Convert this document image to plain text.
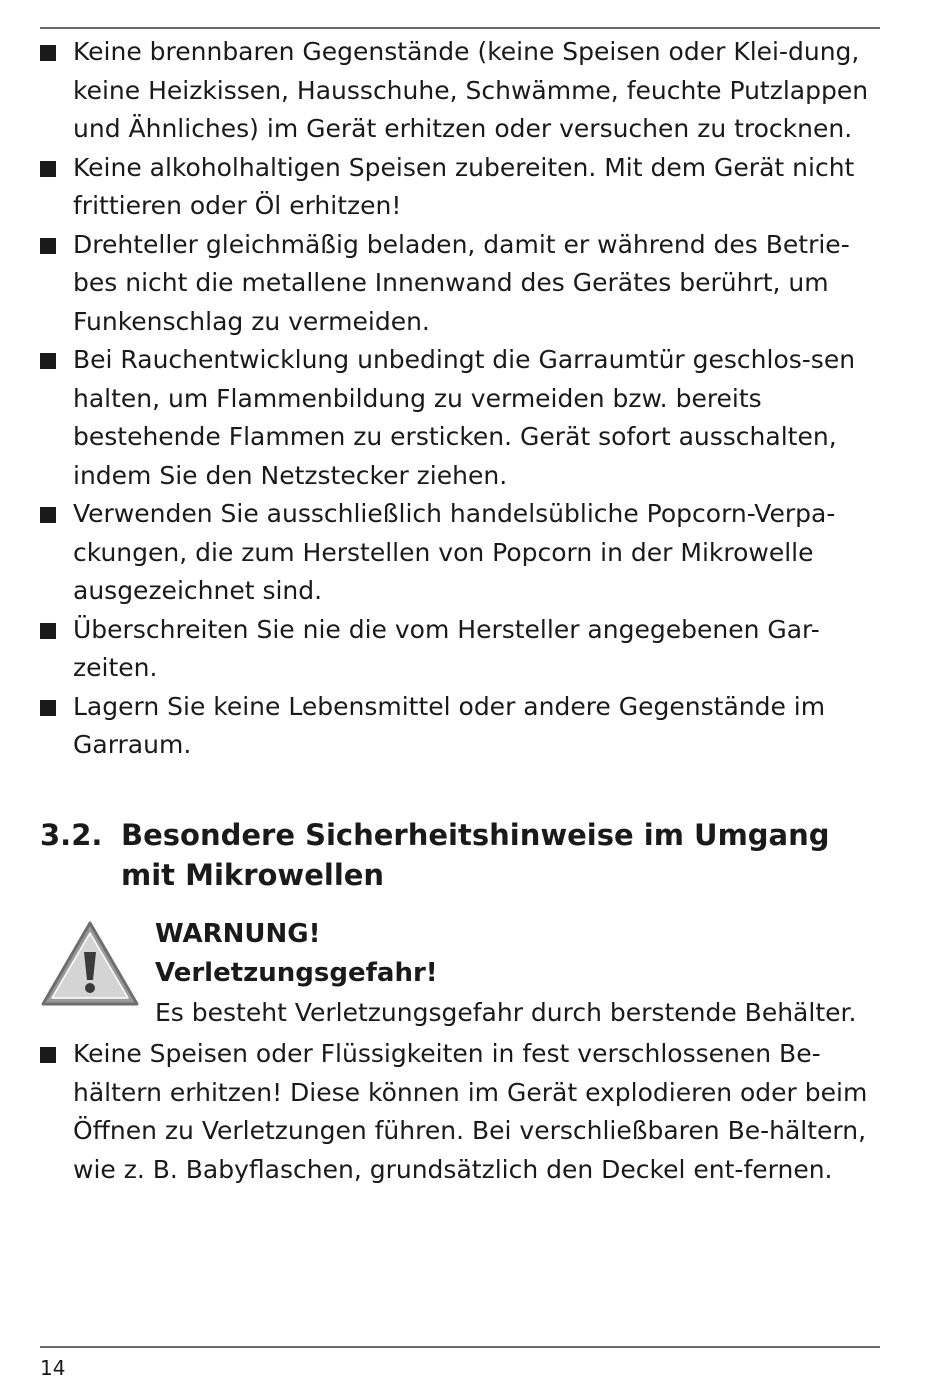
Keine brennbaren Gegenstände (keine Speisen oder Klei-dung, keine Heizkissen, Hausschuhe, Schwämme, feuchte Putzlappen und Ähnliches) im Gerät erhitzen oder versuchen zu trocknen.
Keine alkoholhaltigen Speisen zubereiten. Mit dem Gerät nicht frittieren oder Öl erhitzen!
Drehteller gleichmäßig beladen, damit er während des Betrie-bes nicht die metallene Innenwand des Gerätes berührt, um Funkenschlag zu vermeiden.
Bei Rauchentwicklung unbedingt die Garraumtür geschlos-sen halten, um Flammenbildung zu vermeiden bzw. bereits bestehende Flammen zu ersticken. Gerät sofort ausschalten, indem Sie den Netzstecker ziehen.
Verwenden Sie ausschließlich handelsübliche Popcorn-Verpa-ckungen, die zum Herstellen von Popcorn in der Mikrowelle ausgezeichnet sind.
Überschreiten Sie nie die vom Hersteller angegebenen Gar-zeiten.
Lagern Sie keine Lebensmittel oder andere Gegenstände im Garraum.
3.2. Besondere Sicherheitshinweise im Umgang mit Mikrowellen
WARNUNG!
Verletzungsgefahr!
Es besteht Verletzungsgefahr durch berstende Behälter.
Keine Speisen oder Flüssigkeiten in fest verschlossenen Be-hältern erhitzen! Diese können im Gerät explodieren oder beim Öffnen zu Verletzungen führen. Bei verschließbaren Be-hältern, wie z. B. Babyflaschen, grundsätzlich den Deckel ent-fernen.
14
